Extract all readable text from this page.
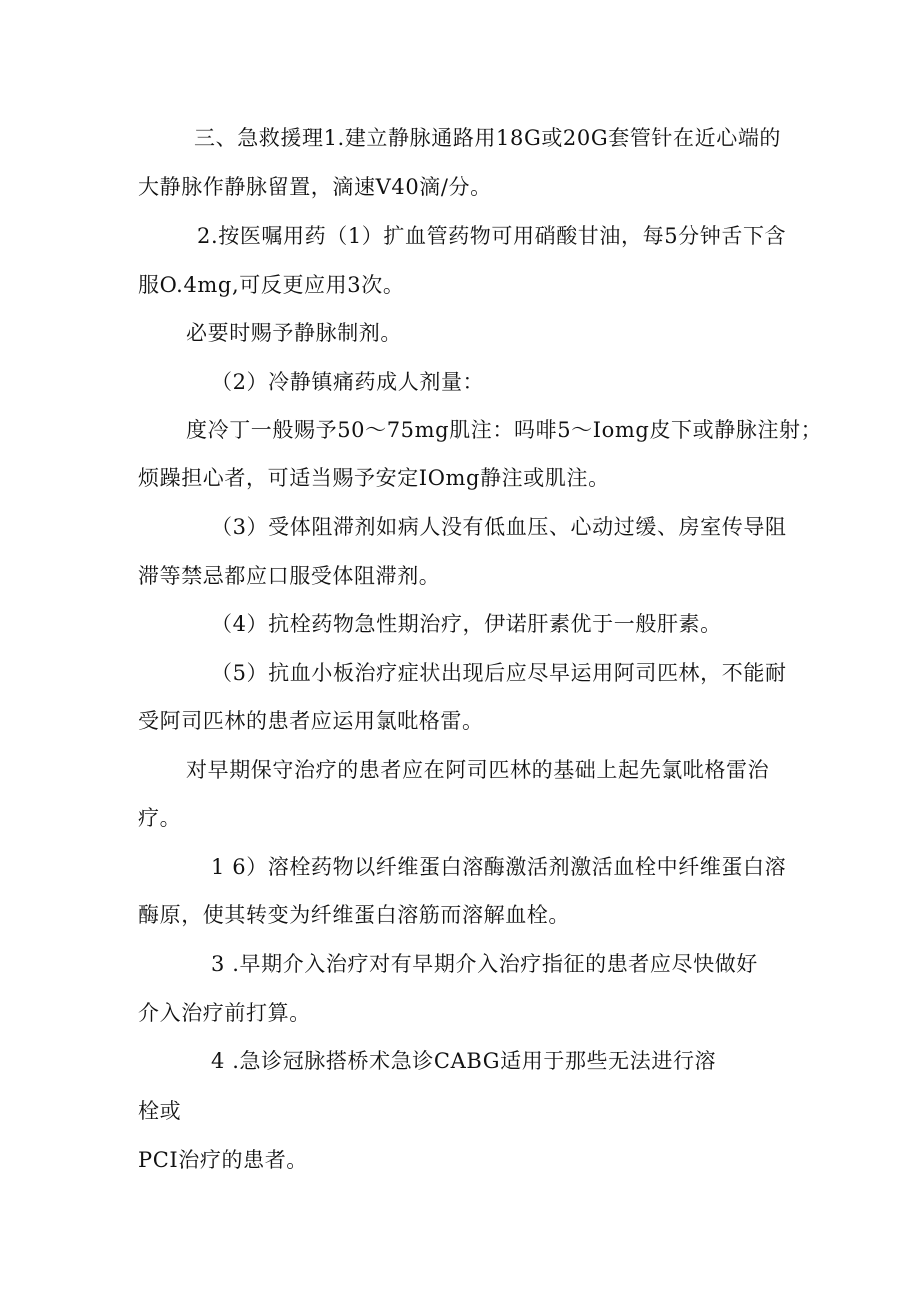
三、急救援理1.建立静脉通路用18G或20G套管针在近心端的
大静脉作静脉留置，滴速V40滴/分。
2.按医嘱用药（1）扩血管药物可用硝酸甘油，每5分钟舌下含
服O.4mg,可反更应用3次。
必要时赐予静脉制剂。
（2）冷静镇痛药成人剂量：
度冷丁一般赐予50～75mg肌注：吗啡5～Iomg皮下或静脉注射；
烦躁担心者，可适当赐予安定IOmg静注或肌注。
（3）受体阻滞剂如病人没有低血压、心动过缓、房室传导阻
滞等禁忌都应口服受体阻滞剂。
（4）抗栓药物急性期治疗，伊诺肝素优于一般肝素。
（5）抗血小板治疗症状出现后应尽早运用阿司匹林，不能耐
受阿司匹林的患者应运用氯吡格雷。
对早期保守治疗的患者应在阿司匹林的基础上起先氯吡格雷治
疗。
1 6）溶栓药物以纤维蛋白溶酶激活剂激活血栓中纤维蛋白溶
酶原，使其转变为纤维蛋白溶筋而溶解血栓。
3 .早期介入治疗对有早期介入治疗指征的患者应尽快做好
介入治疗前打算。
4 .急诊冠脉搭桥术急诊CABG适用于那些无法进行溶
栓或
PCI治疗的患者。
